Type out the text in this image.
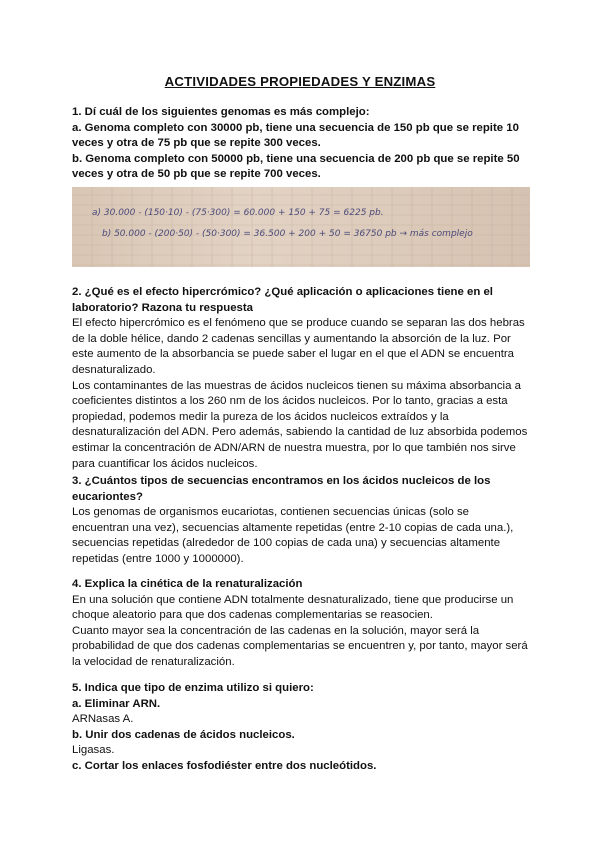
ACTIVIDADES PROPIEDADES Y ENZIMAS

1. Dí cuál de los siguientes genomas es más complejo:

a. Genoma completo con 30000 pb, tiene una secuencia de 150 pb que se repite 10 veces y otra de 75 pb que se repite 300 veces.

b. Genoma completo con 50000 pb, tiene una secuencia de 200 pb que se repite 50 veces y otra de 50 pb que se repite 700 veces.

a) 30.000 - (150·10) - (75·300) = 60.000 + 150 + 75 = 6225 pb.
b) 50.000 - (200·50) - (50·300) = 36.500 + 200 + 50 = 36750 pb → más complejo

2. ¿Qué es el efecto hipercrómico? ¿Qué aplicación o aplicaciones tiene en el laboratorio? Razona tu respuesta

El efecto hipercrómico es el fenómeno que se produce cuando se separan las dos hebras de la doble hélice, dando 2 cadenas sencillas y aumentando la absorción de la luz. Por este aumento de la absorbancia se puede saber el lugar en el que el ADN se encuentra desnaturalizado.

Los contaminantes de las muestras de ácidos nucleicos tienen su máxima absorbancia a coeficientes distintos a los 260 nm de los ácidos nucleicos. Por lo tanto, gracias a esta propiedad, podemos medir la pureza de los ácidos nucleicos extraídos y la desnaturalización del ADN. Pero además, sabiendo la cantidad de luz absorbida podemos estimar la concentración de ADN/ARN de nuestra muestra, por lo que también nos sirve para cuantificar los ácidos nucleicos.

3. ¿Cuántos tipos de secuencias encontramos en los ácidos nucleicos de los eucariontes?

Los genomas de organismos eucariotas, contienen secuencias únicas (solo se encuentran una vez), secuencias altamente repetidas (entre 2-10 copias de cada una.), secuencias repetidas (alrededor de 100 copias de cada una) y secuencias altamente repetidas (entre 1000 y 1000000).

4. Explica la cinética de la renaturalización

En una solución que contiene ADN totalmente desnaturalizado, tiene que producirse un choque aleatorio para que dos cadenas complementarias se reasocien.

Cuanto mayor sea la concentración de las cadenas en la solución, mayor será la probabilidad de que dos cadenas complementarias se encuentren y, por tanto, mayor será la velocidad de renaturalización.

5. Indica que tipo de enzima utilizo si quiero:

a. Eliminar ARN.

ARNasas A.

b. Unir dos cadenas de ácidos nucleicos.

Ligasas.

c. Cortar los enlaces fosfodiéster entre dos nucleótidos.
